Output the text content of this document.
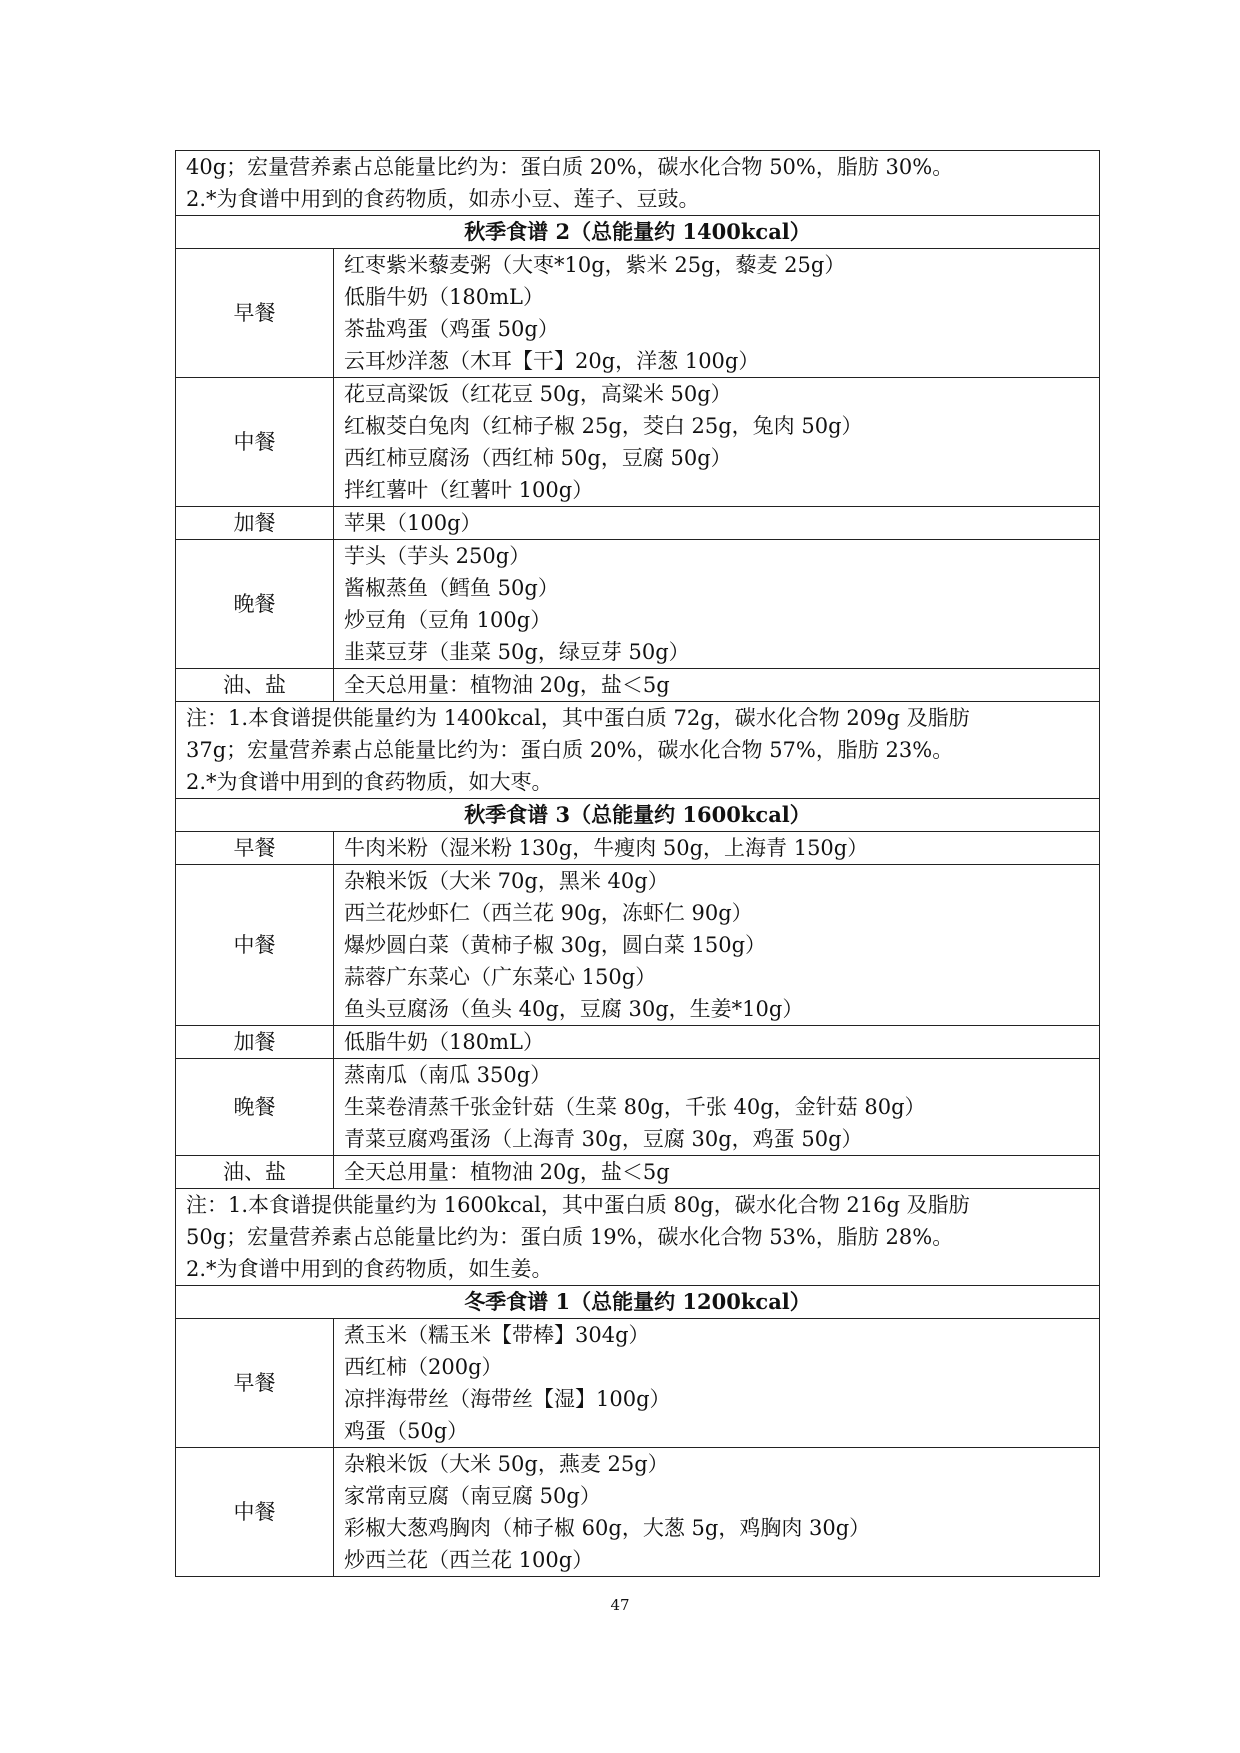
40g；宏量营养素占总能量比约为：蛋白质 20%，碳水化合物 50%，脂肪 30%。
2.*为食谱中用到的食药物质，如赤小豆、莲子、豆豉。	

秋季食谱 2（总能量约 1400kcal）	
早餐	红枣紫米藜麦粥（大枣*10g，紫米 25g，藜麦 25g）
低脂牛奶（180mL）
茶盐鸡蛋（鸡蛋 50g）
云耳炒洋葱（木耳【干】20g，洋葱 100g）

中餐	花豆高粱饭（红花豆 50g，高粱米 50g）
红椒茭白兔肉（红柿子椒 25g，茭白 25g，兔肉 50g）
西红柿豆腐汤（西红柿 50g，豆腐 50g）
拌红薯叶（红薯叶 100g）

加餐	苹果（100g）

晚餐	芋头（芋头 250g）
酱椒蒸鱼（鳕鱼 50g）
炒豆角（豆角 100g）
韭菜豆芽（韭菜 50g，绿豆芽 50g）

油、盐	全天总用量：植物油 20g，盐＜5g

注：1.本食谱提供能量约为 1400kcal，其中蛋白质 72g，碳水化合物 209g 及脂肪
37g；宏量营养素占总能量比约为：蛋白质 20%，碳水化合物 57%，脂肪 23%。
2.*为食谱中用到的食药物质，如大枣。	

秋季食谱 3（总能量约 1600kcal）	
早餐	牛肉米粉（湿米粉 130g，牛瘦肉 50g，上海青 150g）

中餐	杂粮米饭（大米 70g，黑米 40g）
西兰花炒虾仁（西兰花 90g，冻虾仁 90g）
爆炒圆白菜（黄柿子椒 30g，圆白菜 150g）
蒜蓉广东菜心（广东菜心 150g）
鱼头豆腐汤（鱼头 40g，豆腐 30g，生姜*10g）

加餐	低脂牛奶（180mL）

晚餐	蒸南瓜（南瓜 350g）
生菜卷清蒸千张金针菇（生菜 80g，千张 40g，金针菇 80g）
青菜豆腐鸡蛋汤（上海青 30g，豆腐 30g，鸡蛋 50g）

油、盐	全天总用量：植物油 20g，盐＜5g

注：1.本食谱提供能量约为 1600kcal，其中蛋白质 80g，碳水化合物 216g 及脂肪
50g；宏量营养素占总能量比约为：蛋白质 19%，碳水化合物 53%，脂肪 28%。
2.*为食谱中用到的食药物质，如生姜。	

冬季食谱 1（总能量约 1200kcal）	
早餐	煮玉米（糯玉米【带棒】304g）
西红柿（200g）
凉拌海带丝（海带丝【湿】100g）
鸡蛋（50g）

中餐	杂粮米饭（大米 50g，燕麦 25g）
家常南豆腐（南豆腐 50g）
彩椒大葱鸡胸肉（柿子椒 60g，大葱 5g，鸡胸肉 30g）
炒西兰花（西兰花 100g）
47
